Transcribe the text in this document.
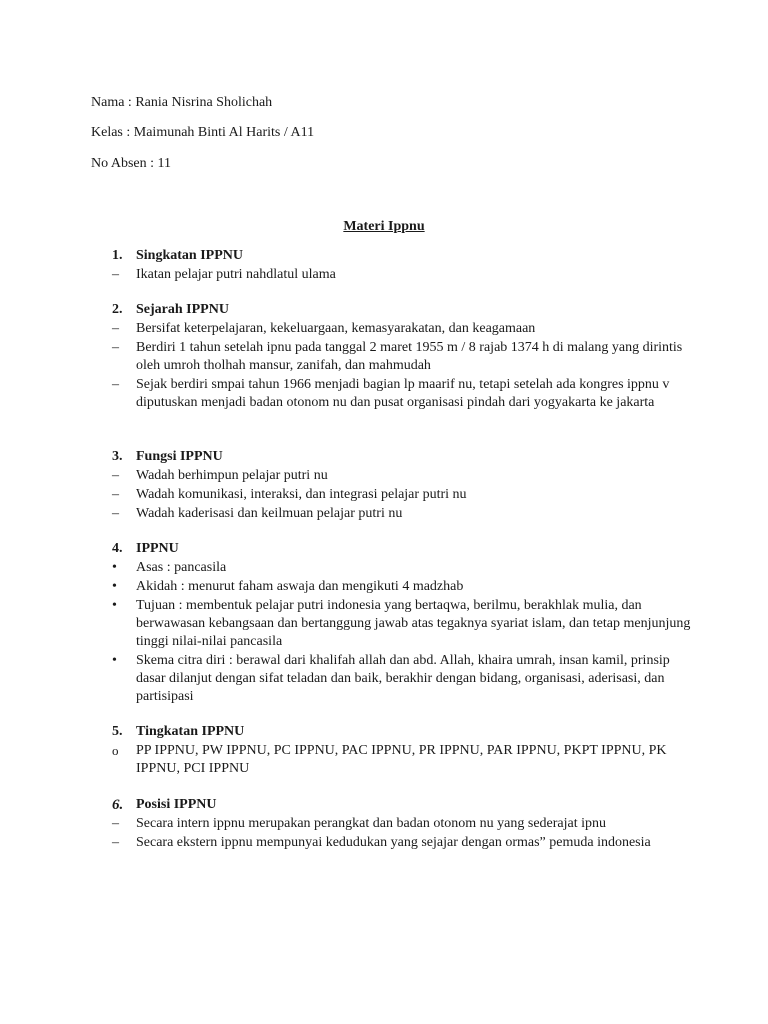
Nama : Rania Nisrina Sholichah
Kelas : Maimunah Binti Al Harits / A11
No Absen : 11
Materi Ippnu
1. Singkatan IPPNU
–
Ikatan pelajar putri nahdlatul ulama
2. Sejarah IPPNU
–
Bersifat keterpelajaran, kekeluargaan, kemasyarakatan, dan keagamaan
–
Berdiri 1 tahun setelah ipnu pada tanggal 2 maret 1955 m / 8 rajab 1374 h di malang yang dirintis oleh umroh tholhah mansur, zanifah, dan mahmudah
–
Sejak berdiri smpai tahun 1966 menjadi bagian lp maarif nu, tetapi setelah ada kongres ippnu v diputuskan menjadi badan otonom nu dan pusat organisasi pindah dari yogyakarta ke jakarta
3. Fungsi IPPNU
–
Wadah berhimpun pelajar putri nu
–
Wadah komunikasi, interaksi, dan integrasi pelajar putri nu
–
Wadah kaderisasi dan keilmuan pelajar putri nu
4. IPPNU
•
Asas : pancasila
•
Akidah : menurut faham aswaja dan mengikuti 4 madzhab
•
Tujuan : membentuk pelajar putri indonesia yang bertaqwa, berilmu, berakhlak mulia, dan berwawasan kebangsaan dan bertanggung jawab atas tegaknya syariat islam, dan tetap menjunjung tinggi nilai-nilai pancasila
•
Skema citra diri : berawal dari khalifah allah dan abd. Allah, khaira umrah, insan kamil, prinsip dasar dilanjut dengan sifat teladan dan baik, berakhir dengan bidang, organisasi, aderisasi, dan partisipasi
5. Tingkatan IPPNU
o
PP IPPNU, PW IPPNU, PC IPPNU, PAC IPPNU, PR IPPNU, PAR IPPNU, PKPT IPPNU, PK IPPNU, PCI IPPNU
6. Posisi IPPNU
–
Secara intern ippnu merupakan perangkat dan badan otonom nu yang sederajat ipnu
–
Secara ekstern ippnu mempunyai kedudukan yang sejajar dengan ormas” pemuda indonesia
